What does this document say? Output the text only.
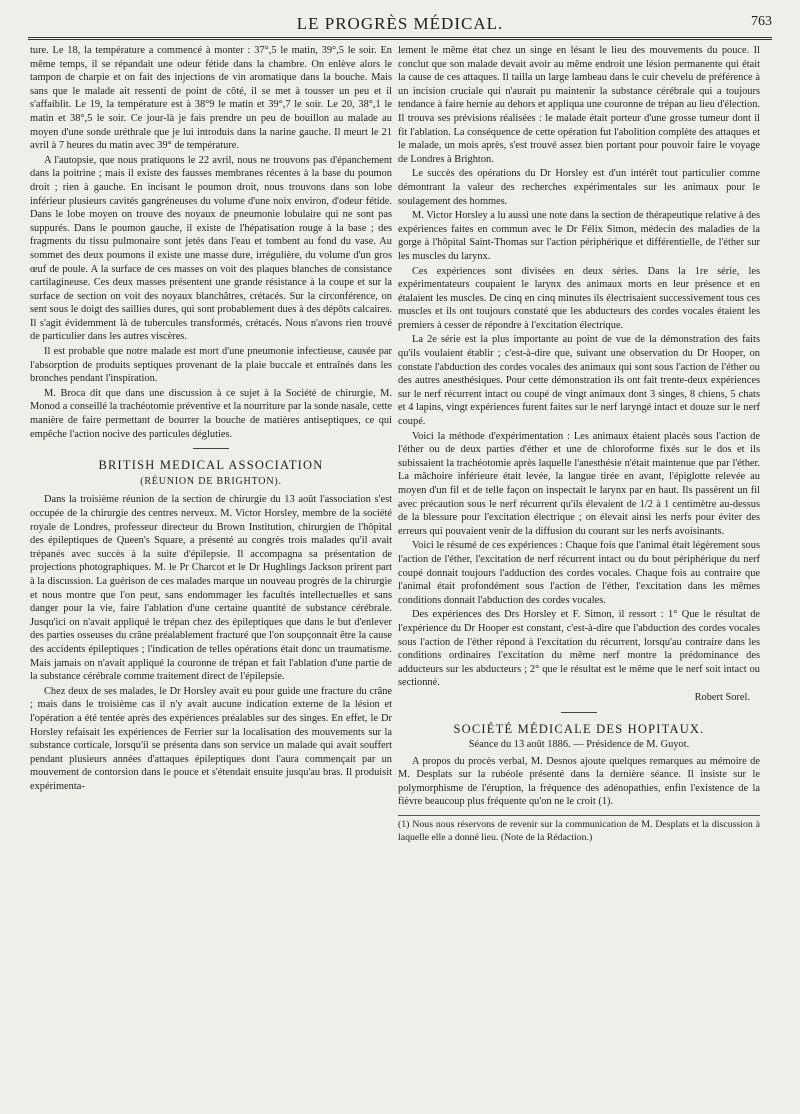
LE PROGRÈS MÉDICAL.	763

ture. Le 18, la température a commencé à monter : 37°,5 le matin, 39°,5 le soir. En même temps, il se répandait une odeur fétide dans la chambre. On enlève alors le tampon de charpie et on fait des injections de vin aromatique dans la bouche. Mais sans que le malade ait ressenti de point de côté, il se met à tousser un peu et il s'affaiblit. Le 19, la température est à 38°9 le matin et 39°,7 le soir. Le 20, 38°,1 le matin et 38°,5 le soir. Ce jour-là je fais prendre un peu de bouillon au malade au moyen d'une sonde uréthrale que je lui introduis dans la narine gauche. Il meurt le 21 avril à 7 heures du matin avec 39° de température.

A l'autopsie, que nous pratiquons le 22 avril, nous ne trouvons pas d'épanchement dans la poitrine ; mais il existe des fausses membranes récentes à la base du poumon droit ; rien à gauche. En incisant le poumon droit, nous trouvons dans son lobe inférieur plusieurs cavités gangréneuses du volume d'une noix environ, d'odeur fétide. Dans le lobe moyen on trouve des noyaux de pneumonie lobulaire qui ne sont pas suppurés. Dans le poumon gauche, il existe de l'hépatisation rouge à la base ; des fragments du tissu pulmonaire sont jetés dans l'eau et tombent au fond du vase. Au sommet des deux poumons il existe une masse dure, irrégulière, du volume d'un gros œuf de poule. A la surface de ces masses on voit des plaques blanches de consistance cartilagineuse. Ces deux masses présentent une grande résistance à la coupe et sur la surface de section on voit des noyaux blanchâtres, crétacés. Sur la circonférence, on sent sous le doigt des saillies dures, qui sont probablement dues à des dépôts calcaires. Il s'agit évidemment là de tubercules transformés, crétacés. Nous n'avons rien trouvé de particulier dans les autres viscères.

Il est probable que notre malade est mort d'une pneumonie infectieuse, causée par l'absorption de produits septiques provenant de la plaie buccale et entraînés dans les bronches pendant l'inspiration.

M. Broca dit que dans une discussion à ce sujet à la Société de chirurgie, M. Monod a conseillé la trachéotomie préventive et la nourriture par la sonde nasale, cette manière de faire permettant de bourrer la bouche de matières antiseptiques, ce qui empêche l'action nocive des particules dégluties.

BRITISH MEDICAL ASSOCIATION
(RÉUNION DE BRIGHTON).

Dans la troisième réunion de la section de chirurgie du 13 août l'association s'est occupée de la chirurgie des centres nerveux. M. Victor Horsley, membre de la société royale de Londres, professeur directeur du Brown Institution, chirurgien de l'hôpital des épileptiques de Queen's Square, a présenté au congrès trois malades qu'il avait trépanés avec succès à la suite d'épilepsie. Il accompagna sa présentation de projections photographiques. M. le Pr Charcot et le Dr Hughlings Jackson prirent part à la discussion. La guérison de ces malades marque un nouveau progrès de la chirurgie et nous montre que l'on peut, sans endommager les facultés intellectuelles et sans danger pour la vie, faire l'ablation d'une certaine quantité de substance cérébrale. Jusqu'ici on n'avait appliqué le trépan chez des épileptiques que dans le but d'enlever des parties osseuses du crâne préalablement fracturé que l'on soupçonnait être la cause des accidents épileptiques ; l'indication de telles opérations était donc un traumatisme. Mais jamais on n'avait appliqué la couronne de trépan et fait l'ablation d'une partie de la substance cérébrale comme traitement direct de l'épilepsie.

Chez deux de ses malades, le Dr Horsley avait eu pour guide une fracture du crâne ; mais dans le troisième cas il n'y avait aucune indication externe de la lésion et l'opération a été tentée après des expériences préalables sur des singes. En effet, le Dr Horsley refaisait les expériences de Ferrier sur la localisation des mouvements sur la substance corticale, lorsqu'il se présenta dans son service un malade qui avait souffert pendant plusieurs années d'attaques épileptiques dont l'aura commençait par un mouvement de contorsion dans le pouce et s'étendait ensuite jusqu'au bras. Il produisit expérimenta-

lement le même état chez un singe en lésant le lieu des mouvements du pouce. Il conclut que son malade devait avoir au même endroit une lésion permanente qui était la cause de ces attaques. Il tailla un large lambeau dans le cuir chevelu de préférence à un incision cruciale qui n'aurait pu maintenir la substance cérébrale qui a toujours tendance à faire hernie au dehors et appliqua une couronne de trépan au lieu d'élection. Il trouva ses prévisions réalisées : le malade était porteur d'une grosse tumeur dont il fit l'ablation. La conséquence de cette opération fut l'abolition complète des attaques et le malade, un mois après, s'est trouvé assez bien portant pour pouvoir faire le voyage de Londres à Brighton.

Le succès des opérations du Dr Horsley est d'un intérêt tout particulier comme démontrant la valeur des recherches expérimentales sur les animaux pour le soulagement des hommes.

M. Victor Horsley a lu aussi une note dans la section de thérapeutique relative à des expériences faites en commun avec le Dr Félix Simon, médecin des maladies de la gorge à l'hôpital Saint-Thomas sur l'action périphérique et différentielle, de l'éther sur les muscles du larynx.

Ces expériences sont divisées en deux séries. Dans la 1re série, les expérimentateurs coupaient le larynx des animaux morts en leur présence et en étalaient les muscles. De cinq en cinq minutes ils électrisaient successivement tous ces muscles et ils ont toujours constaté que les abducteurs des cordes vocales étaient les premiers à cesser de répondre à l'excitation électrique.

La 2e série est la plus importante au point de vue de la démonstration des faits qu'ils voulaient établir ; c'est-à-dire que, suivant une observation du Dr Hooper, on constate l'abduction des cordes vocales des animaux qui sont sous l'action de l'éther ou des autres anesthésiques. Pour cette démonstration ils ont fait trente-deux expériences sur le nerf récurrent intact ou coupé de vingt animaux dont 3 singes, 8 chiens, 5 chats et 4 lapins, vingt expériences furent faites sur le nerf laryngé intact et douze sur le nerf coupé.

Voici la méthode d'expérimentation : Les animaux étaient placés sous l'action de l'éther ou de deux parties d'éther et une de chloroforme fixés sur le dos et ils subissaient la trachéotomie après laquelle l'anesthésie n'était maintenue que par l'éther. La mâchoire inférieure était levée, la langue tirée en avant, l'épiglotte relevée au moyen d'un fil et de telle façon on inspectait le larynx par en haut. Ils passèrent un fil avec précaution sous le nerf récurrent qu'ils élevaient de 1/2 à 1 centimètre au-dessus de la blessure pour l'excitation électrique ; on élevait ainsi les nerfs pour éviter des erreurs qui pouvaient venir de la diffusion du courant sur les nerfs avoisinants.

Voici le résumé de ces expériences : Chaque fois que l'animal était légèrement sous l'action de l'éther, l'excitation de nerf récurrent intact ou du bout périphérique du nerf coupé donnait toujours l'adduction des cordes vocales. Chaque fois au contraire que l'animal était profondément sous l'action de l'éther, l'excitation dans les mêmes conditions donnait l'abduction des cordes vocales.

Des expériences des Drs Horsley et F. Simon, il ressort : 1° Que le résultat de l'expérience du Dr Hooper est constant, c'est-à-dire que l'abduction des cordes vocales sous l'action de l'éther répond à l'excitation du récurrent, lorsqu'au contraire dans les conditions ordinaires l'excitation du même nerf montre la prédominance des adducteurs sur les abducteurs ; 2° que le résultat est le même que le nerf soit intact ou sectionné.

Robert Sorel.
SOCIÉTÉ MÉDICALE DES HOPITAUX.
Séance du 13 août 1886. — Présidence de M. Guyot.

A propos du procès verbal, M. Desnos ajoute quelques remarques au mémoire de M. Desplats sur la rubéole présenté dans la dernière séance. Il insiste sur le polymorphisme de l'éruption, la fréquence des adénopathies, enfin l'existence de la fièvre beaucoup plus fréquente qu'on ne le croit (1).

(1) Nous nous réservons de revenir sur la communication de M. Desplats et la discussion à laquelle elle a donné lieu. (Note de la Rédaction.)
